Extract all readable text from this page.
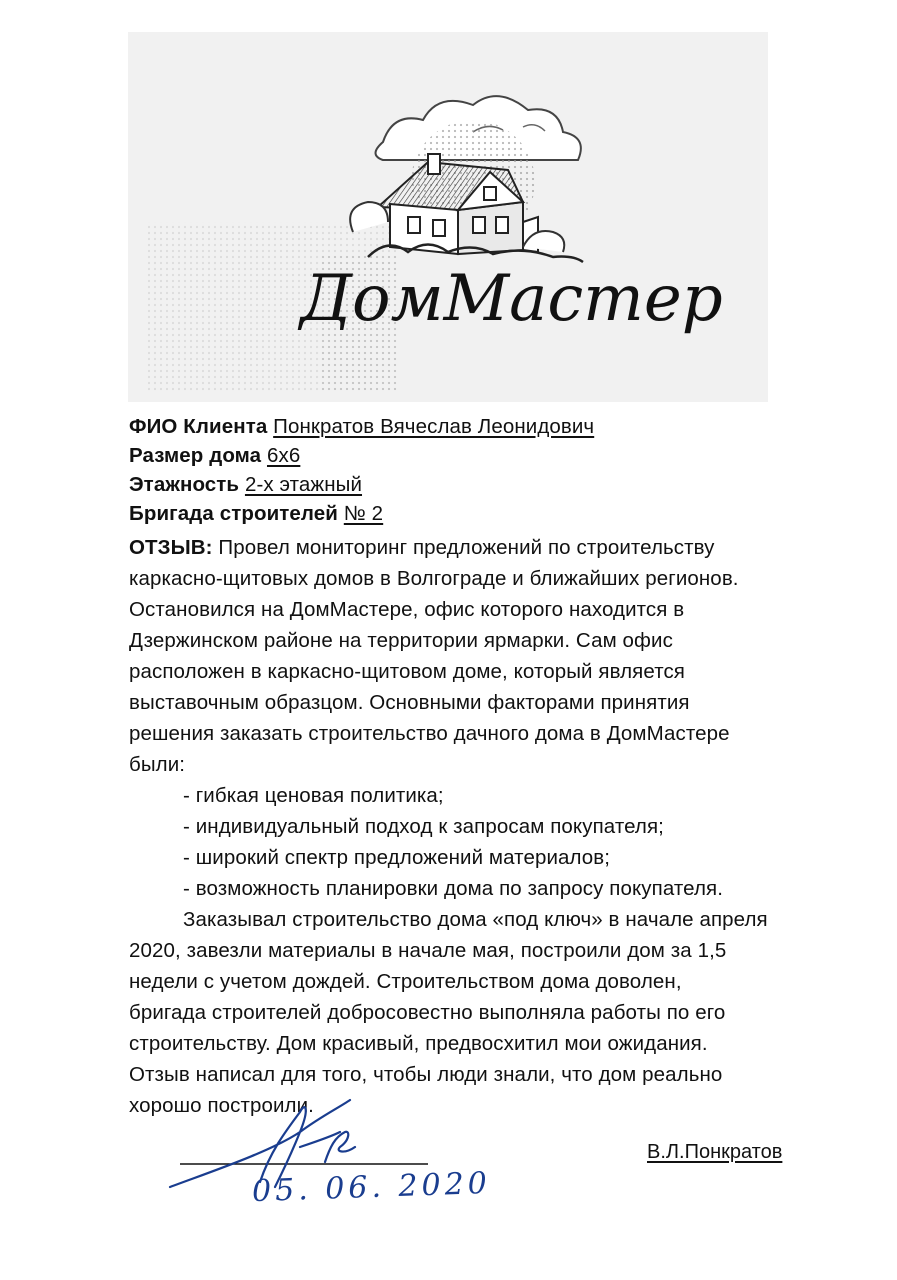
ДомМастер
ФИО Клиента Понкратов Вячеслав Леонидович
Размер дома 6х6
Этажность 2-х этажный
Бригада строителей № 2
ОТЗЫВ: Провел мониторинг предложений по строительству
каркасно-щитовых домов в Волгограде и ближайших регионов.
Остановился на ДомМастере, офис которого находится в
Дзержинском районе на территории ярмарки. Сам офис
расположен в каркасно-щитовом доме, который является
выставочным образцом. Основными факторами принятия
решения заказать строительство дачного дома в ДомМастере
были:
- гибкая ценовая политика;
- индивидуальный подход к запросам покупателя;
- широкий спектр предложений материалов;
- возможность планировки дома по запросу покупателя.
Заказывал строительство дома «под ключ» в начале апреля
2020, завезли материалы в начале мая, построили дом за 1,5
недели с учетом дождей. Строительством дома доволен,
бригада строителей добросовестно выполняла работы по его
строительству. Дом красивый, предвосхитил мои ожидания.
Отзыв написал для того, чтобы люди знали, что дом реально
хорошо построили.
В.Л.Понкратов
05. 06. 2020
